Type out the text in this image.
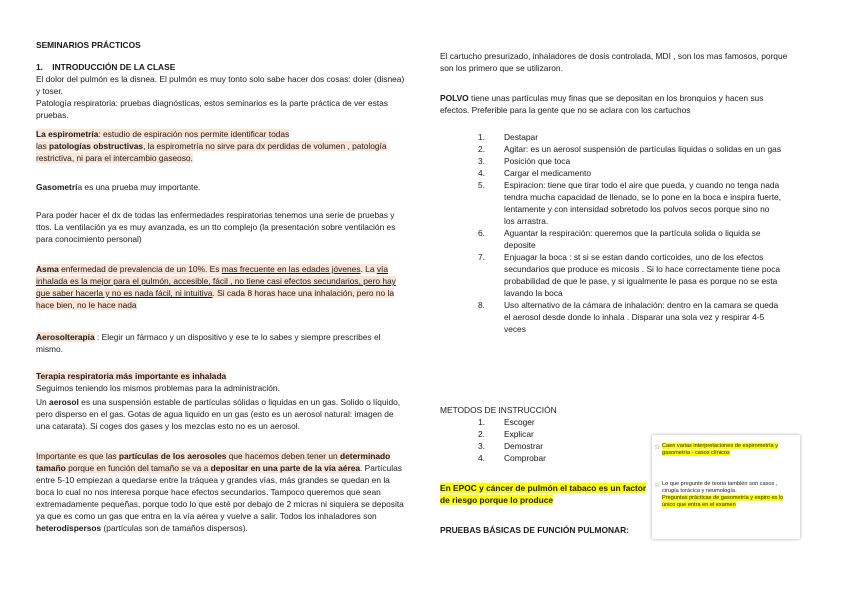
SEMINARIOS PRÁCTICOS

1.    INTRODUCCIÓN DE LA CLASE

El dolor del pulmón es la disnea. El pulmón es muy tonto solo sabe hacer dos cosas: doler (disnea) y toser.

Patología respiratoria: pruebas diagnósticas, estos seminarios es la parte práctica de ver estas pruebas.

La espirometría: estudio de espiración nos permite identificar todas
las patologías obstructivas, la espirometría no sirve para dx perdidas de volumen , patología restrictiva, ni para el intercambio gaseoso.

Gasometría es una prueba muy importante.

Para poder hacer el dx de todas las enfermedades respiratorias tenemos una serie de pruebas y ttos. La ventilación ya es muy avanzada, es un tto complejo (la presentación sobre ventilación es para conocimiento personal)

Asma enfermedad de prevalencia de un 10%. Es mas frecuente en las edades jóvenes. La vía inhalada es la mejor para el pulmón, accesible, fácil , no tiene casi efectos secundarios, pero hay que saber hacerla y no es nada fácil, ni intuitiva. Si cada 8 horas hace una inhalación, pero no la hace bien, no le hace nada

Aerosolterapia : Elegir un fármaco y un dispositivo y ese te lo sabes y siempre prescribes el mismo.

Terapia respiratoria más importante es inhalada

Seguimos teniendo los mismos problemas para la administración.

Un aerosol es una suspensión estable de partículas sólidas o liquidas en un gas. Solido o líquido, pero disperso en el gas. Gotas de agua liquido en un gas (esto es un aerosol natural: imagen de una catarata). Si coges dos gases y los mezclas esto no es un aerosol.

Importante es que las partículas de los aerosoles que hacemos deben tener un determinado tamaño porque en función del tamaño se va a depositar en una parte de la vía aérea. Partículas entre 5-10 empiezan a quedarse entre la tráquea y grandes vías, más grandes se quedan en la boca lo cual no nos interesa porque hace efectos secundarios. Tampoco queremos que sean extremadamente pequeñas, porque todo lo que esté por debajo de 2 micras ni siquiera se deposita ya que es como un gas que entra en la vía aérea y vuelve a salir. Todos los inhaladores son heterodispersos (partículas son de tamaños dispersos).

El cartucho presurizado, inhaladores de dosis controlada, MDI , son los mas famosos, porque son los primero que se utilizaron.

POLVO tiene unas partículas muy finas que se depositan en los bronquios y hacen sus efectos. Preferible para la gente que no se aclara con los cartuchos

1. Destapar
2. Agitar: es un aerosol suspensión de partículas liquidas o solidas en un gas
3. Posición que toca
4. Cargar el medicamento
5. Espiracion: tiene que tirar todo el aire que pueda, y cuando no tenga nada tendra mucha capacidad de llenado, se lo pone en la boca e inspira fuerte, lentamente y con intensidad sobretodo los polvos secos porque sino no los arrastra.
6. Aguantar la respiración: queremos que la partícula solida o liquida se deposite
7. Enjuagar la boca : st si se estan dando corticoides, uno de los efectos secundarios que produce es micosis . Si lo hace correctamente tiene poca probabilidad de que le pase, y si igualmente le pasa es porque no se esta lavando la boca
8. Uso alternativo de la cámara de inhalación: dentro en la camara se queda el aerosol desde donde lo inhala . Disparar una sola vez y respirar 4-5 veces

METODOS DE INSTRUCCIÓN

1. Escoger
2. Explicar
3. Demostrar
4. Comprobar

En EPOC y cáncer de pulmón el tabaco es un factor de riesgo porque lo produce

PRUEBAS BÁSICAS DE FUNCIÓN PULMONAR:

☆ Caen varias interpretaciones de espirometría y gasometría - casos clínicos
☆ Lo que pregunte de teoria también son casos , cirugía torácica y neumología.
Preguntas prácticas de gasometría y espiro es lo único que entra en el examen
